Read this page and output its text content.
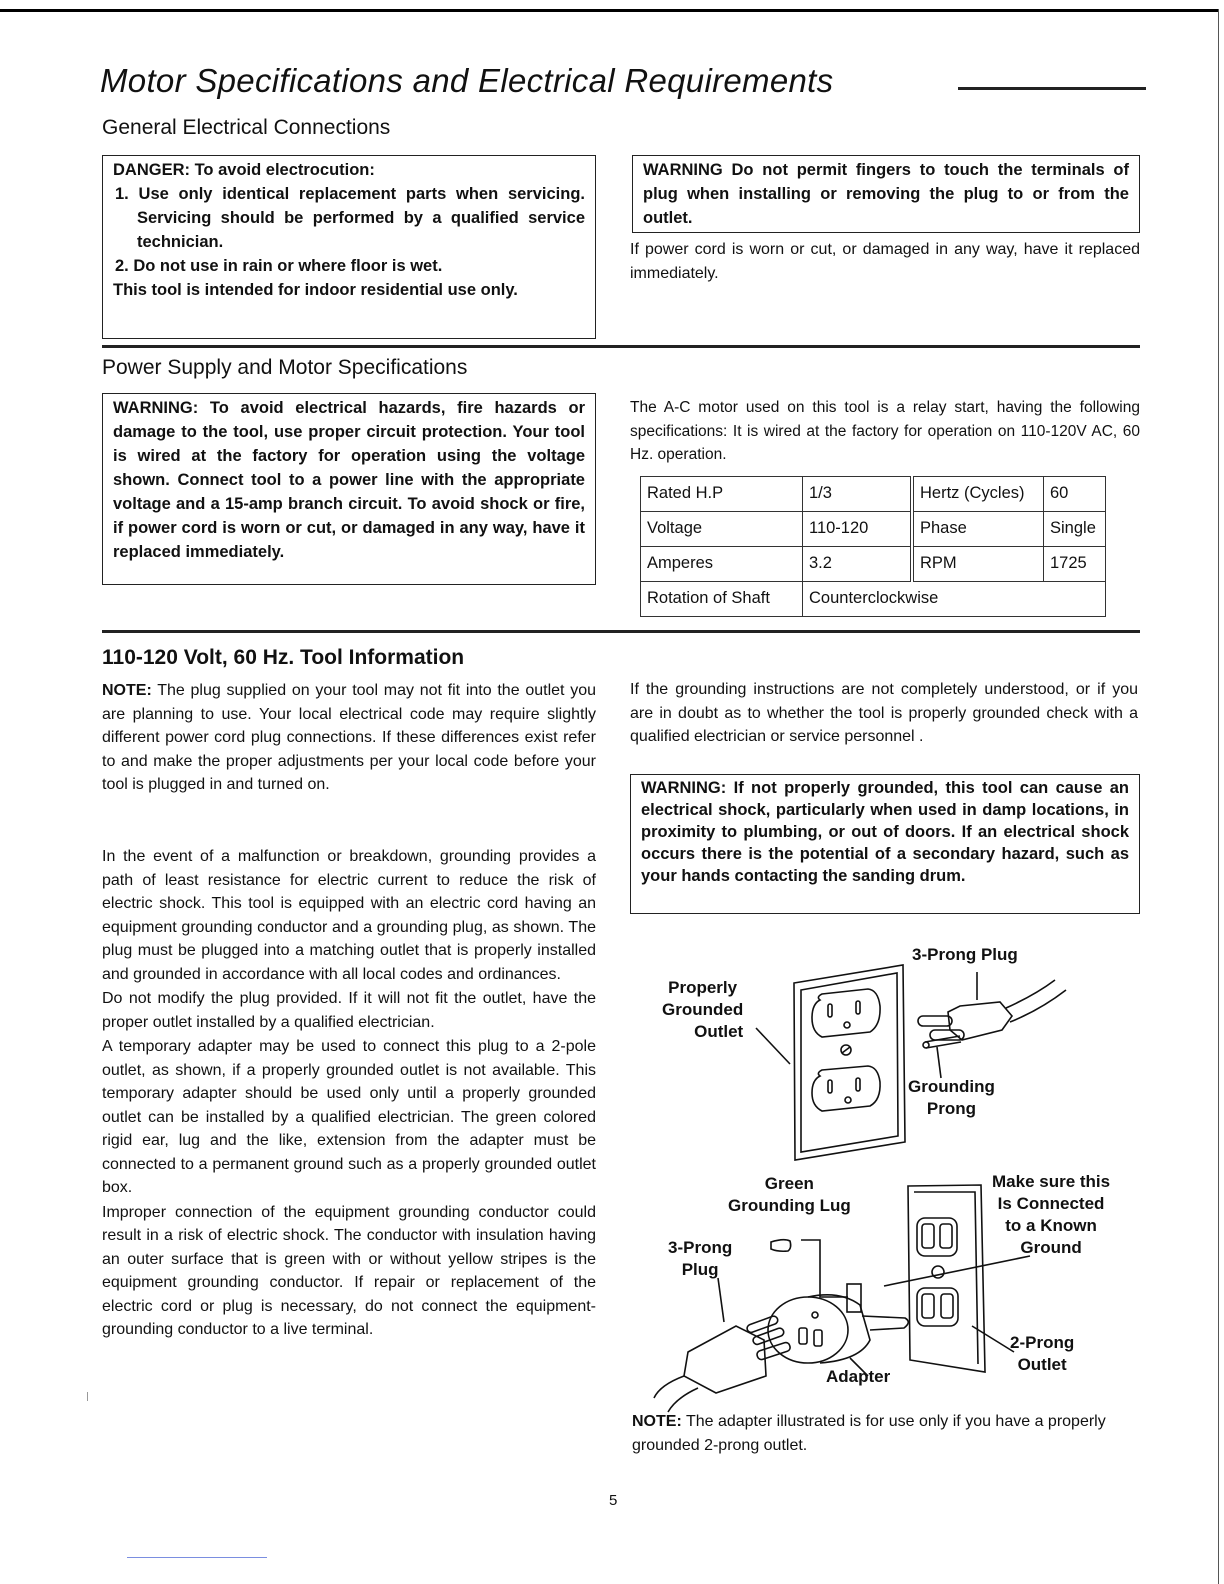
Motor Specifications and Electrical Requirements
General Electrical Connections

DANGER: To avoid electrocution:

1. Use only identical replacement parts when servicing. Servicing should be performed by a qualified service technician.

2. Do not use in rain or where floor is wet.

This tool is intended for indoor residential use only.

WARNING Do not permit fingers to touch the terminals of plug when installing or removing the plug to or from the outlet.

If power cord is worn or cut, or damaged in any way, have it replaced immediately.

Power Supply and Motor Specifications

WARNING: To avoid electrical hazards, fire hazards or damage to the tool, use proper circuit protection. Your tool is wired at the factory for operation using the voltage shown. Connect tool to a power line with the appropriate voltage and a 15-amp branch circuit. To avoid shock or fire, if power cord is worn or cut, or damaged in any way, have it replaced immediately.

The A-C motor used on this tool is a relay start, having the following specifications: It is wired at the factory for operation on 110-120V AC, 60 Hz. operation.

Rated H.P	1/3	Hertz (Cycles)	60
Voltage	110-120	Phase	Single
Amperes	3.2	RPM	1725
Rotation of Shaft	Counterclockwise		
110-120 Volt, 60 Hz. Tool Information

NOTE: The plug supplied on your tool may not fit into the outlet you are planning to use. Your local electrical code may require slightly different power cord plug connections. If these differences exist refer to and make the proper adjustments per your local code before your tool is plugged in and turned on.

In the event of a malfunction or breakdown, grounding provides a path of least resistance for electric current to reduce the risk of electric shock. This tool is equipped with an electric cord having an equipment grounding conductor and a grounding plug, as shown. The plug must be plugged into a matching outlet that is properly installed and grounded in accordance with all local codes and ordinances.

Do not modify the plug provided. If it will not fit the outlet, have the proper outlet installed by a qualified electrician.

A temporary adapter may be used to connect this plug to a 2-pole outlet, as shown, if a properly grounded outlet is not available. This temporary adapter should be used only until a properly grounded outlet can be installed by a qualified electrician. The green colored rigid ear, lug and the like, extension from the adapter must be connected to a permanent ground such as a properly grounded outlet box.

Improper connection of the equipment grounding conductor could result in a risk of electric shock. The conductor with insulation having an outer surface that is green with or without yellow stripes is the equipment grounding conductor. If repair or replacement of the electric cord or plug is necessary, do not connect the equipment-grounding conductor to a live terminal.

If the grounding instructions are not completely understood, or if you are in doubt as to whether the tool is properly grounded check with a qualified electrician or service personnel .

WARNING: If not properly grounded, this tool can cause an electrical shock, particularly when used in damp locations, in proximity to plumbing, or out of doors. If an electrical shock occurs there is the potential of a secondary hazard, such as your hands contacting the sanding drum.

Properly
Grounded
Outlet
3-Prong Plug
Grounding
Prong
Green
Grounding Lug
3-Prong
Plug
Adapter
Make sure this
Is Connected
to a Known
Ground
2-Prong
Outlet

NOTE: The adapter illustrated is for use only if you have a properly grounded 2-prong outlet.

5
